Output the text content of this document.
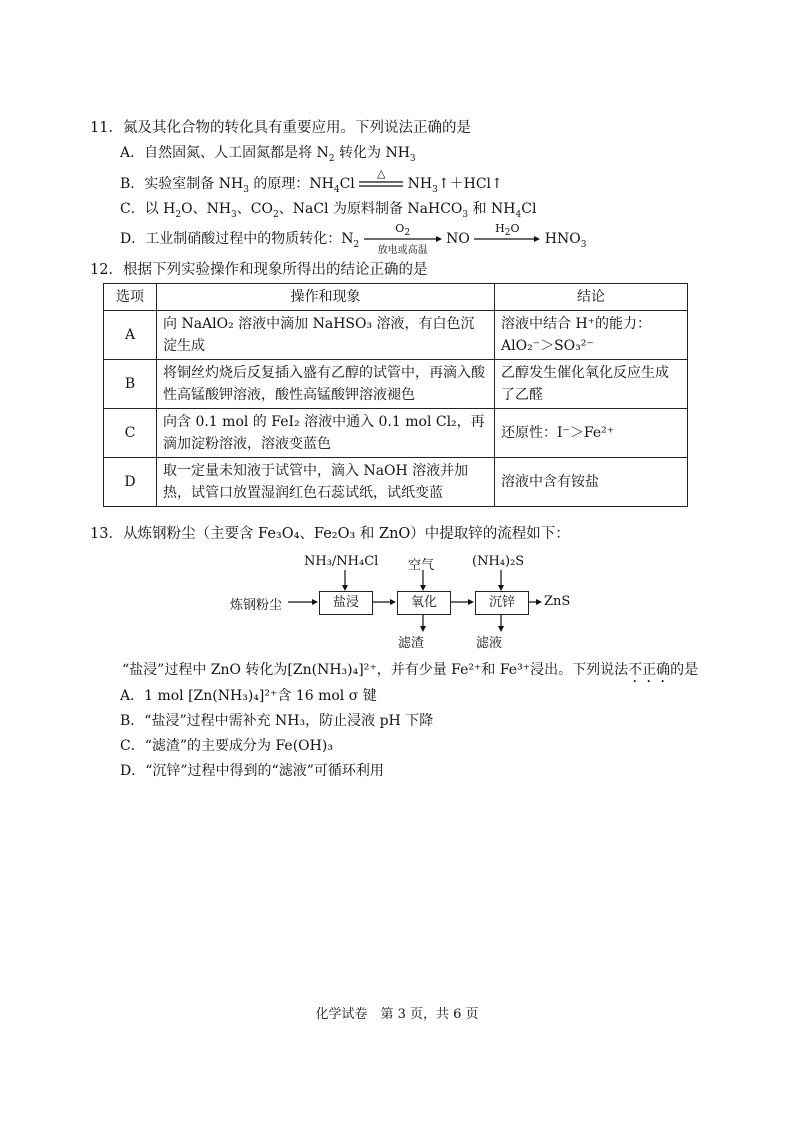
11．氮及其化合物的转化具有重要应用。下列说法正确的是
A．自然固氮、人工固氮都是将 $N_2$ 转化为 $NH_3$
B．实验室制备 $NH_3$ 的原理：$NH_4Cl$
△
$NH_3↑+HCl↑$
C．以 $H_2O$、$NH_3$、$CO_2$、NaCl 为原料制备 NaHCO$_3$ 和 $NH_4Cl$
D．工业制硝酸过程中的物质转化：$N_2$
$O_2$
放电或高温
NO
$H_2O$
$HNO_3$
12．根据下列实验操作和现象所得出的结论正确的是
选项	操作和现象	结论
A	向 NaAlO₂ 溶液中滴加 NaHSO₃ 溶液，有白色沉淀生成	溶液中结合 H⁺的能力：AlO₂⁻＞SO₃²⁻
B	将铜丝灼烧后反复插入盛有乙醇的试管中，再滴入酸性高锰酸钾溶液，酸性高锰酸钾溶液褪色	乙醇发生催化氧化反应生成了乙醛
C	向含 0.1 mol 的 FeI₂ 溶液中通入 0.1 mol Cl₂，再滴加淀粉溶液，溶液变蓝色	还原性：I⁻＞Fe²⁺
D	取一定量未知液于试管中，滴入 NaOH 溶液并加热，试管口放置湿润红色石蕊试纸，试纸变蓝	溶液中含有铵盐
13．从炼钢粉尘（主要含 Fe₃O₄、Fe₂O₃ 和 ZnO）中提取锌的流程如下：
炼钢粉尘	盐浸	氧化	沉锌	ZnS
NH₃/NH₄Cl 空气	(NH₄)₂S
滤渣	滤液
“盐浸”过程中 ZnO 转化为[Zn(NH₃)₄]²⁺，并有少量 Fe²⁺和 Fe³⁺浸出。下列说法不正确的是
A．1 mol [Zn(NH₃)₄]²⁺含 16 mol σ 键
B．“盐浸”过程中需补充 NH₃，防止浸液 pH 下降
C．“滤渣”的主要成分为 Fe(OH)₃
D．“沉锌”过程中得到的“滤液”可循环利用
化学试卷　第 3 页，共 6 页
